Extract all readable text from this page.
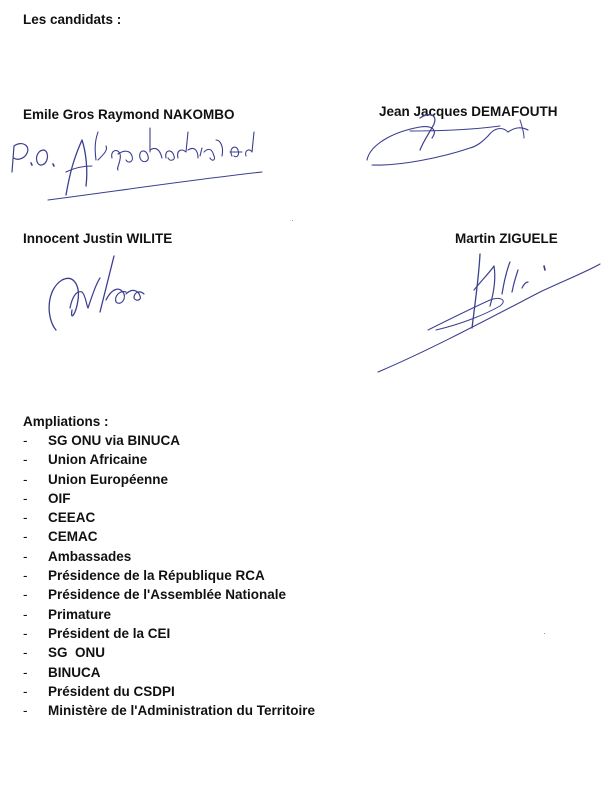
Les candidats :
Emile Gros Raymond NAKOMBO	Jean Jacques DEMAFOUTH
Innocent Justin WILITE	Martin ZIGUELE
Ampliations :
- SG ONU via BINUCA
- Union Africaine
- Union Européenne
- OIF
- CEEAC
- CEMAC
- Ambassades
- Présidence de la République RCA
- Présidence de l'Assemblée Nationale
- Primature
- Président de la CEI
- SG  ONU
- BINUCA
- Président du CSDPI
- Ministère de l'Administration du Territoire
